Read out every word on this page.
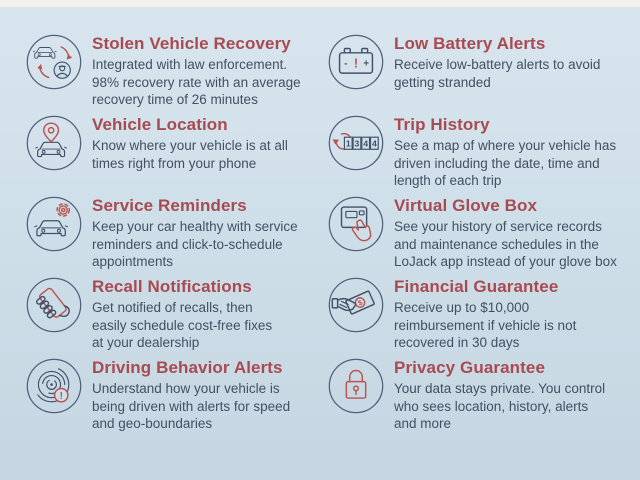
Stolen Vehicle Recovery

Integrated with law enforcement.
98% recovery rate with an average
recovery time of 26 minutes

Vehicle Location

Know where your vehicle is at all
times right from your phone

Service Reminders

Keep your car healthy with service
reminders and click-to-schedule
appointments

Recall Notifications

Get notified of recalls, then
easily schedule cost-free fixes
at your dealership

!
Driving Behavior Alerts

Understand how your vehicle is
being driven with alerts for speed
and geo-boundaries

- ! +
Low Battery Alerts

Receive low-battery alerts to avoid
getting stranded

1 3 4 4
Trip History

See a map of where your vehicle has
driven including the date, time and
length of each trip

Virtual Glove Box

See your history of service records
and maintenance schedules in the
LoJack app instead of your glove box

$
Financial Guarantee

Receive up to $10,000
reimbursement if vehicle is not
recovered in 30 days

Privacy Guarantee

Your data stays private. You control
who sees location, history, alerts
and more
